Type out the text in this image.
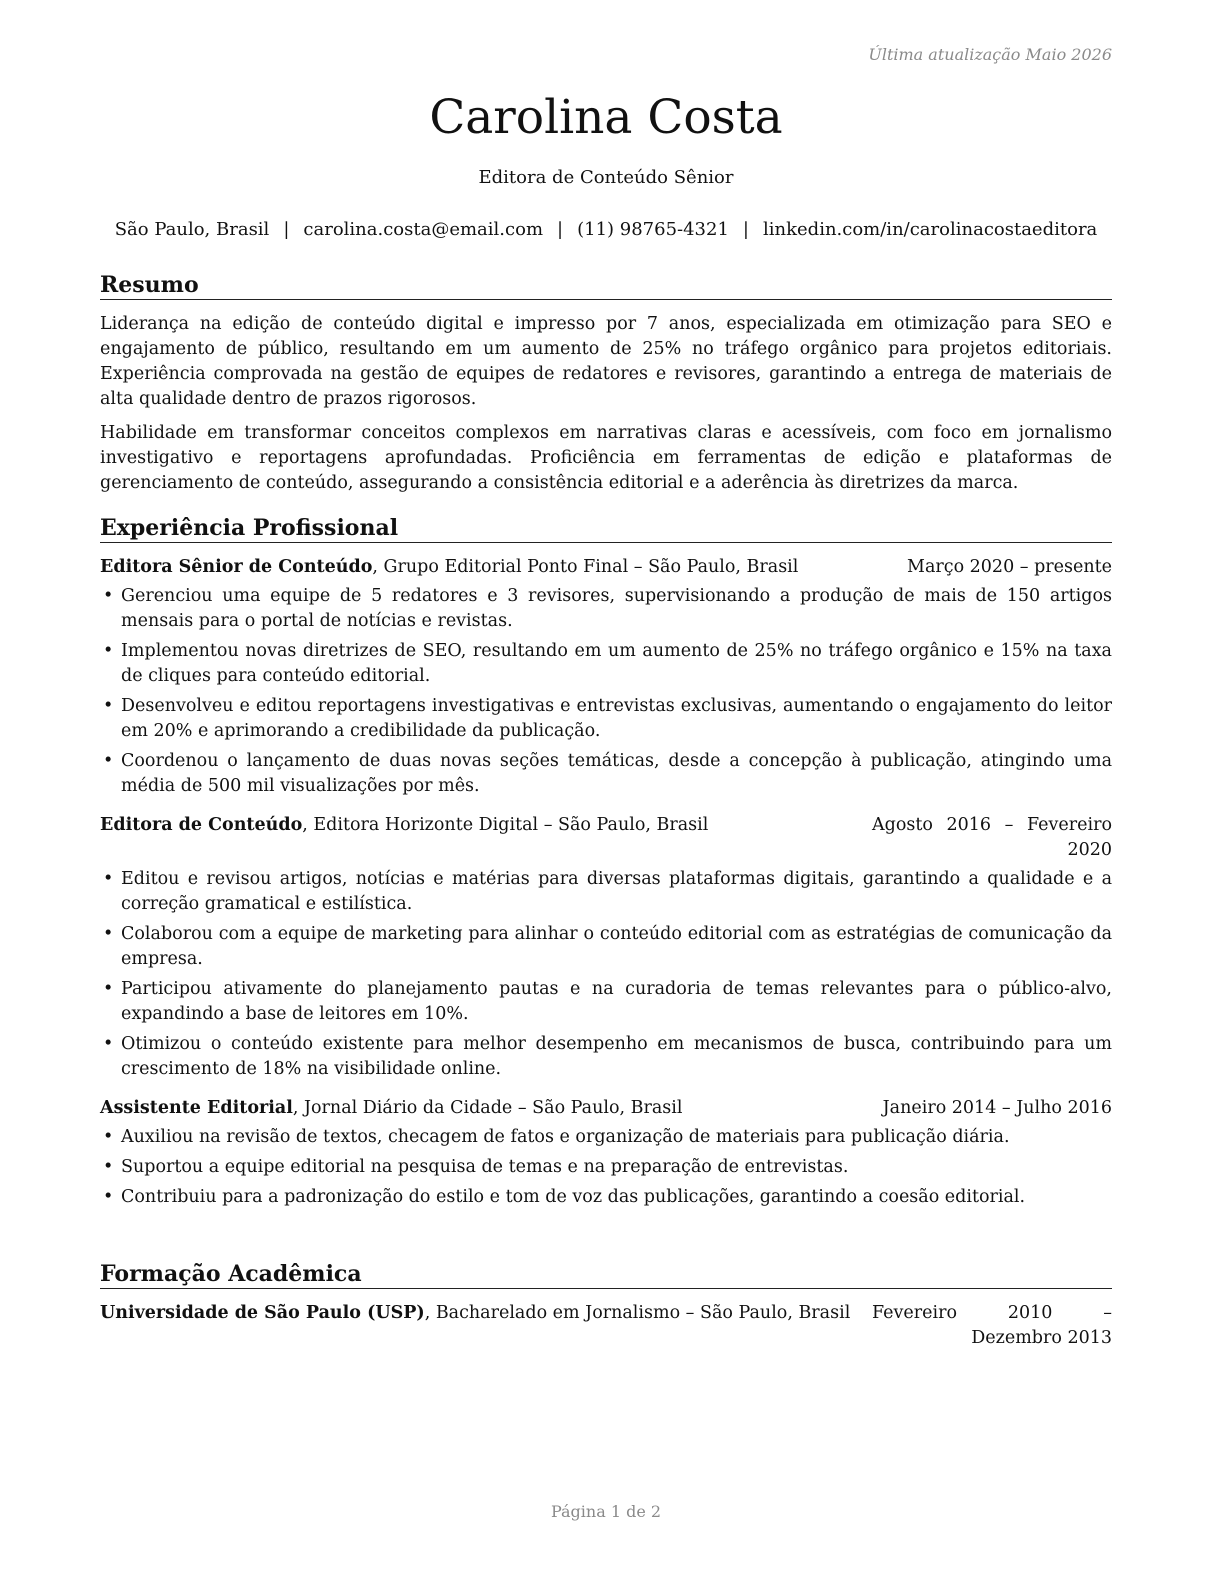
Última atualização Maio 2026
Carolina Costa
Editora de Conteúdo Sênior
São Paulo, Brasil | carolina.costa@email.com | (11) 98765-4321 | linkedin.com/in/carolinacostaeditora
Resumo

Liderança na edição de conteúdo digital e impresso por 7 anos, especializada em otimização para SEO e engajamento de público, resultando em um aumento de 25% no tráfego orgânico para projetos editoriais. Experiência comprovada na gestão de equipes de redatores e revisores, garantindo a entrega de materiais de alta qualidade dentro de prazos rigorosos.

Habilidade em transformar conceitos complexos em narrativas claras e acessíveis, com foco em jornalismo investigativo e reportagens aprofundadas. Proficiência em ferramentas de edição e plataformas de gerenciamento de conteúdo, assegurando a consistência editorial e a aderência às diretrizes da marca.

Experiência Profissional
Editora Sênior de Conteúdo, Grupo Editorial Ponto Final – São Paulo, Brasil	Março 2020 – presente
• Gerenciou uma equipe de 5 redatores e 3 revisores, supervisionando a produção de mais de 150 artigos mensais para o portal de notícias e revistas.
• Implementou novas diretrizes de SEO, resultando em um aumento de 25% no tráfego orgânico e 15% na taxa de cliques para conteúdo editorial.
• Desenvolveu e editou reportagens investigativas e entrevistas exclusivas, aumentando o engajamento do leitor em 20% e aprimorando a credibilidade da publicação.
• Coordenou o lançamento de duas novas seções temáticas, desde a concepção à publicação, atingindo uma média de 500 mil visualizações por mês.
Editora de Conteúdo, Editora Horizonte Digital – São Paulo, Brasil	Agosto 2016 – Fevereiro 2020
• Editou e revisou artigos, notícias e matérias para diversas plataformas digitais, garantindo a qualidade e a correção gramatical e estilística.
• Colaborou com a equipe de marketing para alinhar o conteúdo editorial com as estratégias de comunicação da empresa.
• Participou ativamente do planejamento pautas e na curadoria de temas relevantes para o público-alvo, expandindo a base de leitores em 10%.
• Otimizou o conteúdo existente para melhor desempenho em mecanismos de busca, contribuindo para um crescimento de 18% na visibilidade online.
Assistente Editorial, Jornal Diário da Cidade – São Paulo, Brasil	Janeiro 2014 – Julho 2016
• Auxiliou na revisão de textos, checagem de fatos e organização de materiais para publicação diária.
• Suportou a equipe editorial na pesquisa de temas e na preparação de entrevistas.
• Contribuiu para a padronização do estilo e tom de voz das publicações, garantindo a coesão editorial.
Formação Acadêmica
Universidade de São Paulo (USP), Bacharelado em Jornalismo – São Paulo, Brasil Fevereiro 2010 – Dezembro 2013
Página 1 de 2
